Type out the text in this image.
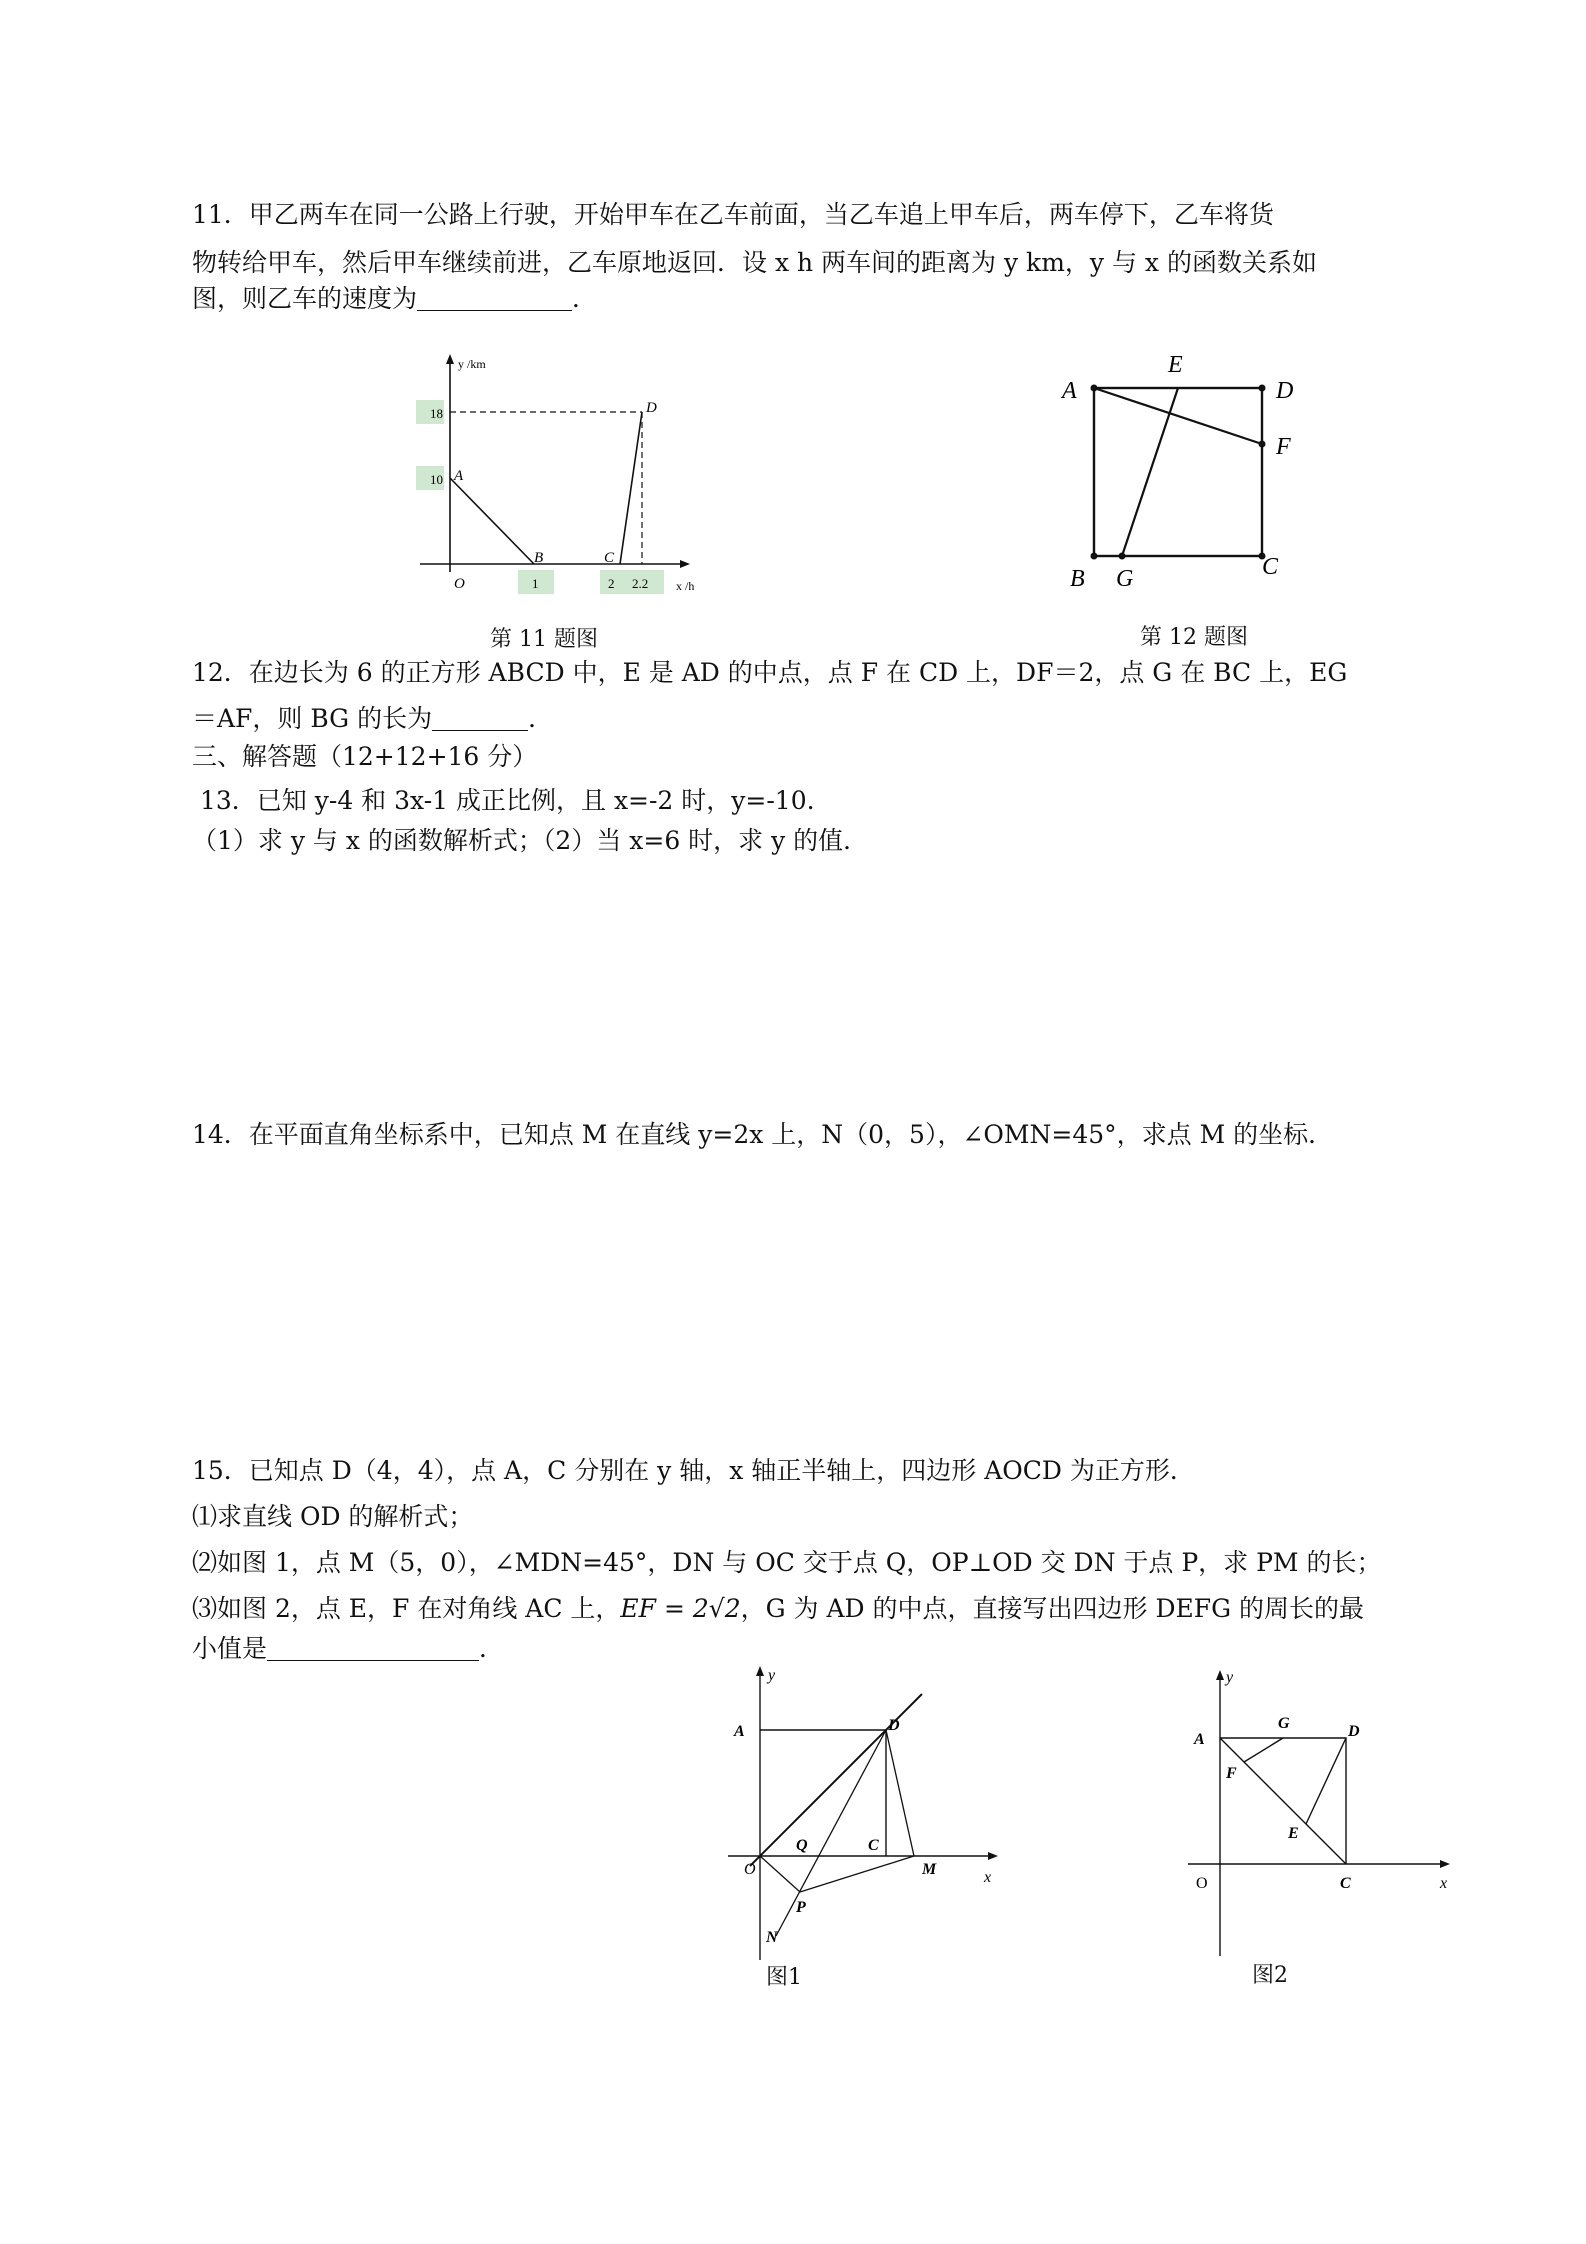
11．甲乙两车在同一公路上行驶，开始甲车在乙车前面，当乙车追上甲车后，两车停下，乙车将货
物转给甲车，然后甲车继续前进，乙车原地返回．设 x h 两车间的距离为 y km，y 与 x 的函数关系如
图，则乙车的速度为	．
y /km
x /h
18
10
1	2 2.2
O
A
B	C
D
第 11 题图
A
E
D
F
B G	C
第 12 题图
12．在边长为 6 的正方形 ABCD 中，E 是 AD 的中点，点 F 在 CD 上，DF＝2，点 G 在 BC 上，EG
＝AF，则 BG 的长为	．
三、解答题（12+12+16 分）
13．已知 y-4 和 3x-1 成正比例，且 x=-2 时，y=-10.
（1）求 y 与 x 的函数解析式；（2）当 x=6 时，求 y 的值．
14．在平面直角坐标系中，已知点 M 在直线 y=2x 上，N（0，5），∠OMN=45°，求点 M 的坐标．
15．已知点 D（4，4），点 A，C 分别在 y 轴，x 轴正半轴上，四边形 AOCD 为正方形．
⑴求直线 OD 的解析式；
⑵如图 1，点 M（5，0），∠MDN=45°，DN 与 OC 交于点 Q，OP⊥OD 交 DN 于点 P，求 PM 的长；
⑶如图 2，点 E，F 在对角线 AC 上，EF = 2√2，G 为 AD 的中点，直接写出四边形 DEFG 的周长的最
小值是	．
y
x
A	D
Q	C
O
P
M
N
图1
y
x
A
G	D
F
E
O	C
图2
